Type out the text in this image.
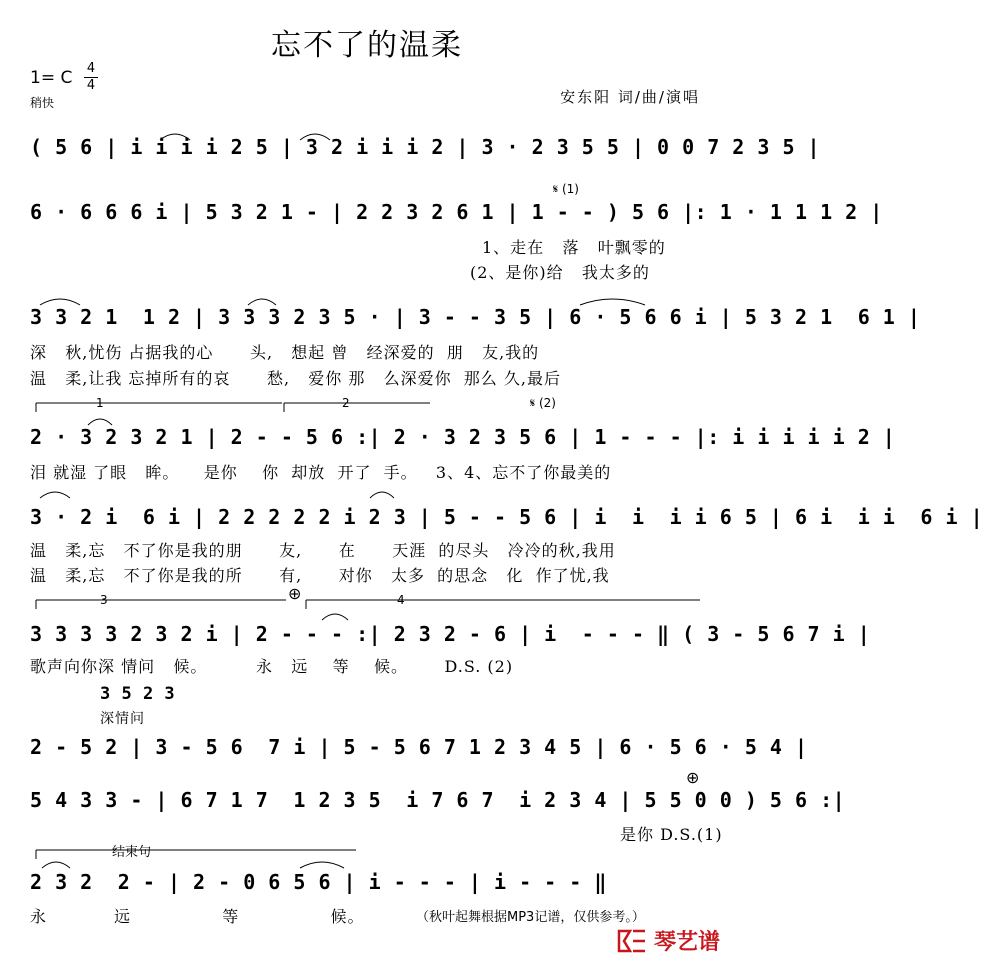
忘不了的温柔
1= C 4
4
稍快	安东阳 词/曲/演唱
( 5 6 | i i i i 2 5 | 3 2 i i i 2 | 3 · 2 3 5 5 | 0 0 7 2 3 5 |
𝄋 (1)
6 · 6 6 6 i | 5 3 2 1 - | 2 2 3 2 6 1 | 1 - - ) 5 6 |: 1 · 1 1 1 2 |
1、走在   落   叶飘零的
(2、是你)给   我太多的
3 3 2 1  1 2 | 3 3 3 2 3 5 · | 3 - - 3 5 | 6 · 5 6 6 i | 5 3 2 1  6 1 |
深   秋,忧伤 占据我的心      头,   想起 曾   经深爱的  朋   友,我的
温   柔,让我 忘掉所有的哀      愁,   爱你 那   么深爱你  那么 久,最后
1	2	𝄋 (2)
2 · 3 2 3 2 1 | 2 - - 5 6 :| 2 · 3 2 3 5 6 | 1 - - - |: i i i i i 2 |
泪 就湿 了眼   眸。    是你    你  却放  开了  手。   3、4、忘不了你最美的
3 · 2 i  6 i | 2 2 2 2 2 i 2 3 | 5 - - 5 6 | i  i  i i 6 5 | 6 i  i i  6 i |
温   柔,忘   不了你是我的朋      友,      在      天涯  的尽头   冷冷的秋,我用
温   柔,忘   不了你是我的所      有,      对你   太多  的思念   化  作了忧,我
3	⊕	4
3 3 3 3 2 3 2 i | 2 - - - :| 2 3 2 - 6 | i  - - - ‖ ( 3 - 5 6 7 i |
歌声向你深 情问   候。        永   远    等    候。      D.S. (2)
3 5 2 3
深情问
2 - 5 2 | 3 - 5 6  7 i | 5 - 5 6 7 1 2 3 4 5 | 6 · 5 6 · 5 4 |
⊕
5 4 3 3 - | 6 7 1 7  1 2 3 5  i 7 6 7  i 2 3 4 | 5 5 0 0 ) 5 6 :|
是你 D.S.(1)
结束句
2 3 2  2 - | 2 - 0 6 5 6 | i - - - | i - - - ‖
永           远               等               候。	（秋叶起舞根据MP3记谱，仅供参考。）
琴艺谱
